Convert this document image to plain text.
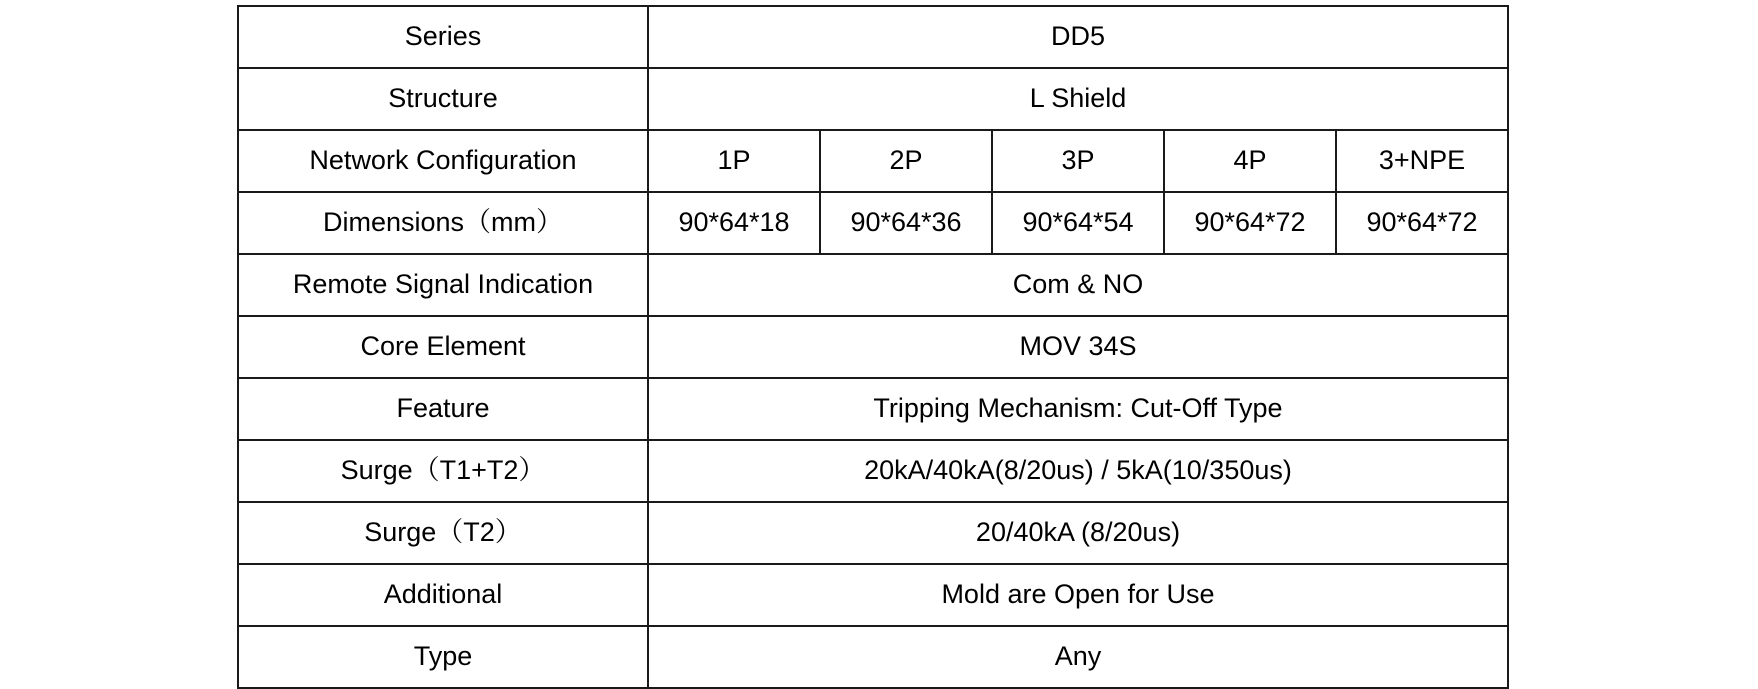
Series	DD5				
Structure	L Shield				
Network Configuration	1P	2P	3P	4P	3+NPE
Dimensions（mm）	90*64*18	90*64*36	90*64*54	90*64*72	90*64*72
Remote Signal Indication	Com & NO				
Core Element	MOV 34S				
Feature	Tripping Mechanism: Cut-Off Type				
Surge（T1+T2）	20kA/40kA(8/20us) / 5kA(10/350us)				
Surge（T2）	20/40kA (8/20us)				
Additional	Mold are Open for Use				
Type	Any				
